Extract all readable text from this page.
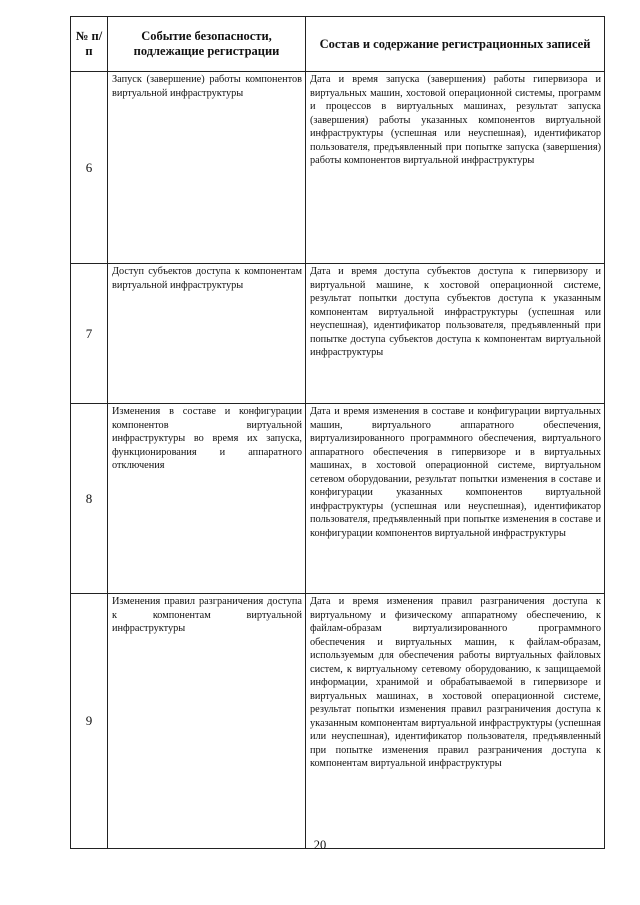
№ п/п	Событие безопасности, подлежащие регистрации	Состав и содержание регистрационных записей
6	Запуск (завершение) работы компонентов виртуальной инфраструктуры	Дата и время запуска (завершения) работы гипервизора и виртуальных машин, хостовой операционной системы, программ и процессов в виртуальных машинах, результат запуска (завершения) работы указанных компонентов виртуальной инфраструктуры (успешная или неуспешная), идентификатор пользователя, предъявленный при попытке запуска (завершения) работы компонентов виртуальной инфраструктуры
7	Доступ субъектов доступа к компонентам виртуальной инфраструктуры	Дата и время доступа субъектов доступа к гипервизору и виртуальной машине, к хостовой операционной системе, результат попытки доступа субъектов доступа к указанным компонентам виртуальной инфраструктуры (успешная или неуспешная), идентификатор пользователя, предъявленный при попытке доступа субъектов доступа к компонентам виртуальной инфраструктуры
8	Изменения в составе и конфигурации компонентов виртуальной инфраструктуры во время их запуска, функционирования и аппаратного отключения	Дата и время изменения в составе и конфигурации виртуальных машин, виртуального аппаратного обеспечения, виртуализированного программного обеспечения, виртуального аппаратного обеспечения в гипервизоре и в виртуальных машинах, в хостовой операционной системе, виртуальном сетевом оборудовании, результат попытки изменения в составе и конфигурации указанных компонентов виртуальной инфраструктуры (успешная или неуспешная), идентификатор пользователя, предъявленный при попытке изменения в составе и конфигурации компонентов виртуальной инфраструктуры
9	Изменения правил разграничения доступа к компонентам виртуальной инфраструктуры	Дата и время изменения правил разграничения доступа к виртуальному и физическому аппаратному обеспечению, к файлам-образам виртуализированного программного обеспечения и виртуальных машин, к файлам-образам, используемым для обеспечения работы виртуальных файловых систем, к виртуальному сетевому оборудованию, к защищаемой информации, хранимой и обрабатываемой в гипервизоре и виртуальных машинах, в хостовой операционной системе, результат попытки изменения правил разграничения доступа к указанным компонентам виртуальной инфраструктуры (успешная или неуспешная), идентификатор пользователя, предъявленный при попытке изменения правил разграничения доступа к компонентам виртуальной инфраструктуры
20
